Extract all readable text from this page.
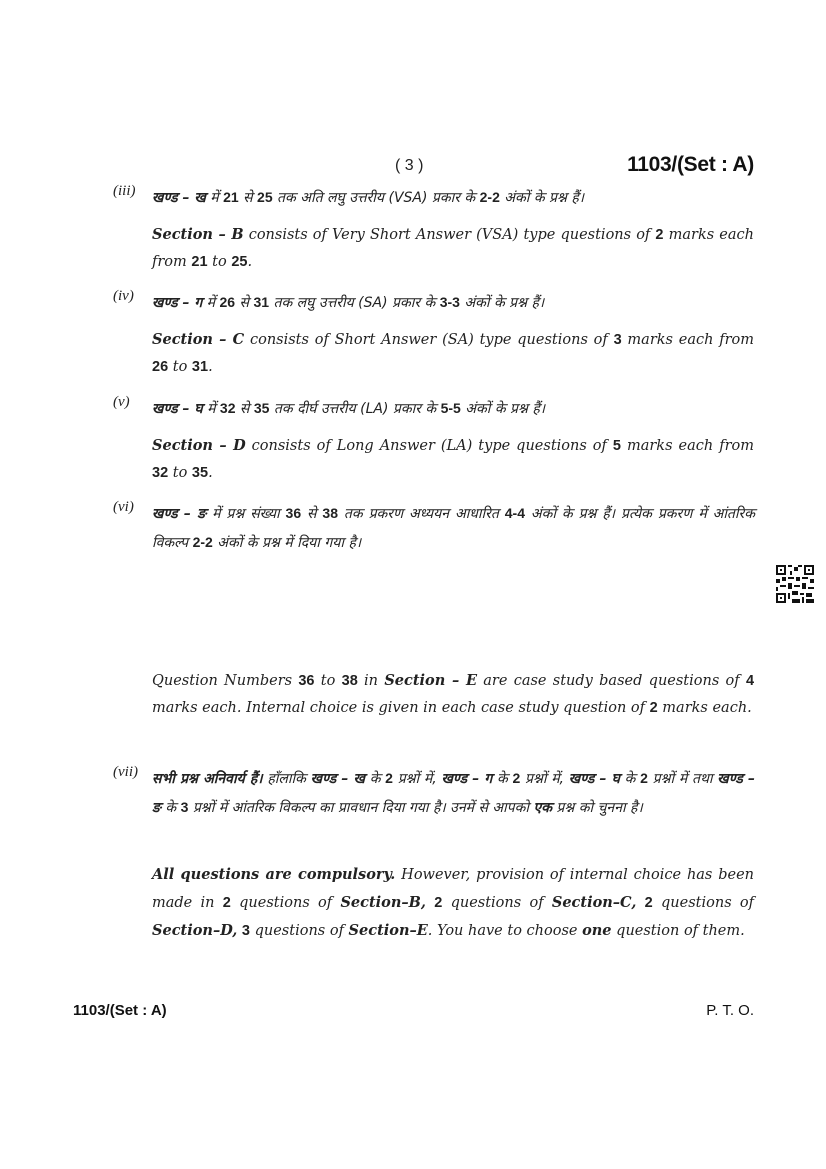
( 3 )	1103/(Set : A)
(iii) खण्ड – ख में 21 से 25 तक अति लघु उत्तरीय (VSA) प्रकार के 2-2 अंकों के प्रश्न हैं।
Section – B consists of Very Short Answer (VSA) type questions of 2 marks each from 21 to 25.
(iv) खण्ड – ग में 26 से 31 तक लघु उत्तरीय (SA) प्रकार के 3-3 अंकों के प्रश्न हैं।
Section – C consists of Short Answer (SA) type questions of 3 marks each from 26 to 31.
(v) खण्ड – घ में 32 से 35 तक दीर्घ उत्तरीय (LA) प्रकार के 5-5 अंकों के प्रश्न हैं।
Section – D consists of Long Answer (LA) type questions of 5 marks each from 32 to 35.
(vi) खण्ड – ङ में प्रश्न संख्या 36 से 38 तक प्रकरण अध्ययन आधारित 4-4 अंकों के प्रश्न हैं। प्रत्येक प्रकरण में आंतरिक विकल्प 2-2 अंकों के प्रश्न में दिया गया है।
Question Numbers 36 to 38 in Section – E are case study based questions of 4 marks each. Internal choice is given in each case study question of 2 marks each.
(vii) सभी प्रश्न अनिवार्य हैं। हाँलाकि खण्ड – ख के 2 प्रश्नों में, खण्ड – ग के 2 प्रश्नों में, खण्ड – घ के 2 प्रश्नों में तथा खण्ड – ङ के 3 प्रश्नों में आंतरिक विकल्प का प्रावधान दिया गया है। उनमें से आपको एक प्रश्न को चुनना है।
All questions are compulsory. However, provision of internal choice has been made in 2 questions of Section–B, 2 questions of Section–C, 2 questions of Section–D, 3 questions of Section–E. You have to choose one question of them.
1103/(Set : A)	P. T. O.
